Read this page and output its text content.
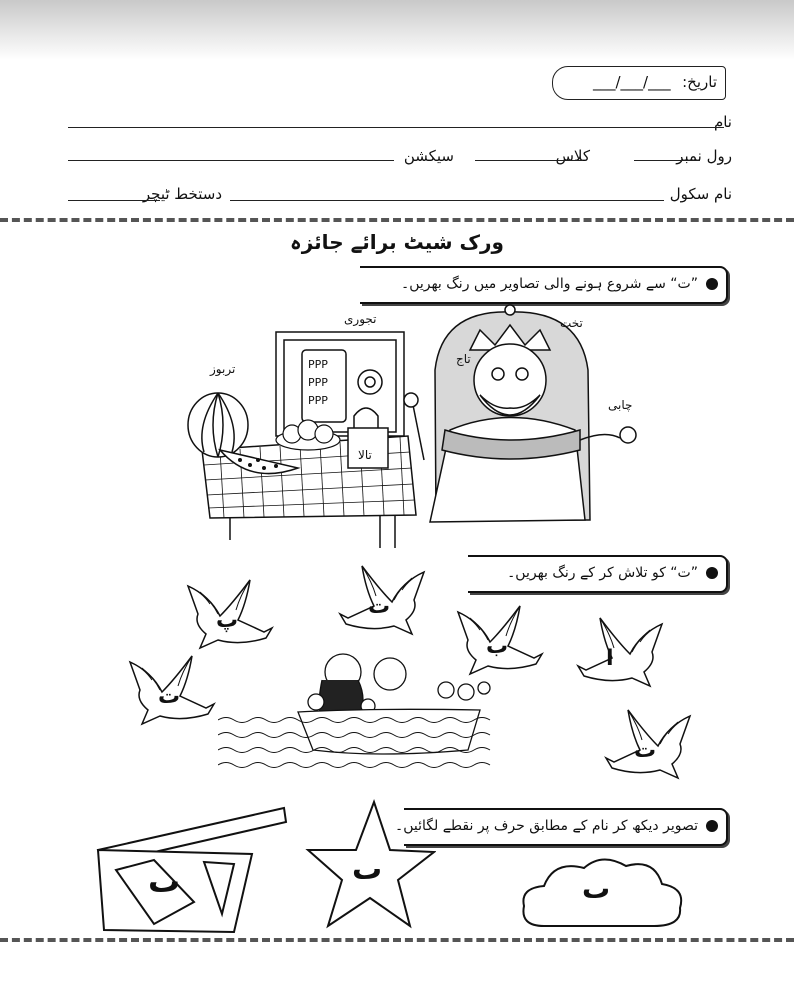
تاریخ:
___/___/___
نام
رول نمبر
کلاس
سیکشن
نام سکول
دستخط ٹیچر
ورک شیٹ برائے جائزہ
”ت“ سے شروع ہونے والی تصاویر میں رنگ بھریں۔
PPP
PPP
PPP
تجوری	تخت
تاج
تربوز
چابی
تالا
”ت“ کو تلاش کر کے رنگ بھریں۔
پ
ت
ب	ا
ت
ت
تصویر دیکھ کر نام کے مطابق حرف پر نقطے لگائیں۔
ٮ	ٮ
ٮ
